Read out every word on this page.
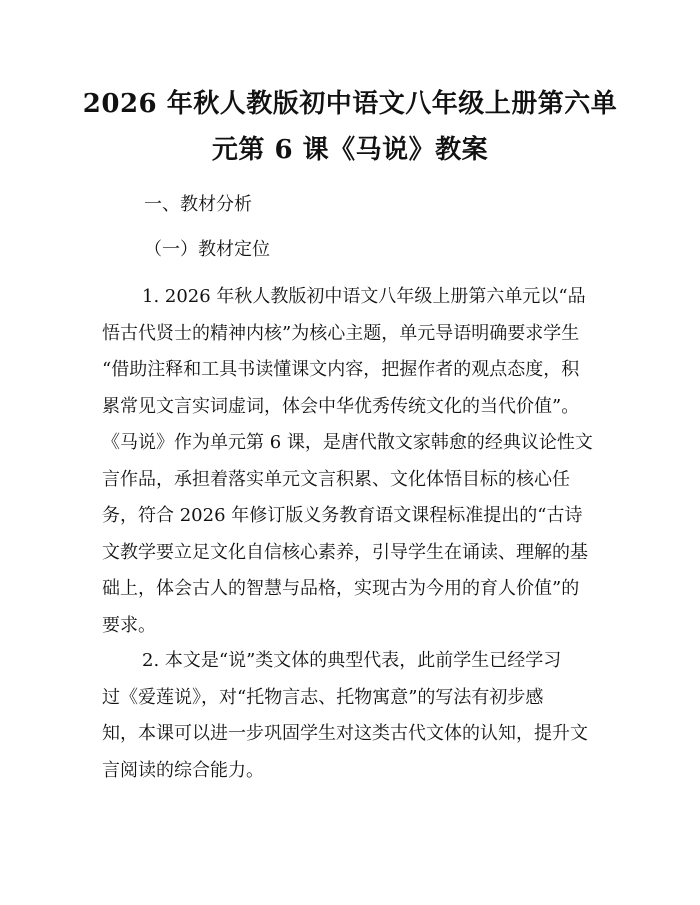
2026 年秋人教版初中语文八年级上册第六单
元第 6 课《马说》教案

一、教材分析

（一）教材定位

1. 2026 年秋人教版初中语文八年级上册第六单元以“品
悟古代贤士的精神内核”为核心主题，单元导语明确要求学生
“借助注释和工具书读懂课文内容，把握作者的观点态度，积
累常见文言实词虚词，体会中华优秀传统文化的当代价值”。
《马说》作为单元第 6 课，是唐代散文家韩愈的经典议论性文
言作品，承担着落实单元文言积累、文化体悟目标的核心任
务，符合 2026 年修订版义务教育语文课程标准提出的“古诗
文教学要立足文化自信核心素养，引导学生在诵读、理解的基
础上，体会古人的智慧与品格，实现古为今用的育人价值”的
要求。
2. 本文是“说”类文体的典型代表，此前学生已经学习
过《爱莲说》，对“托物言志、托物寓意”的写法有初步感
知，本课可以进一步巩固学生对这类古代文体的认知，提升文
言阅读的综合能力。
